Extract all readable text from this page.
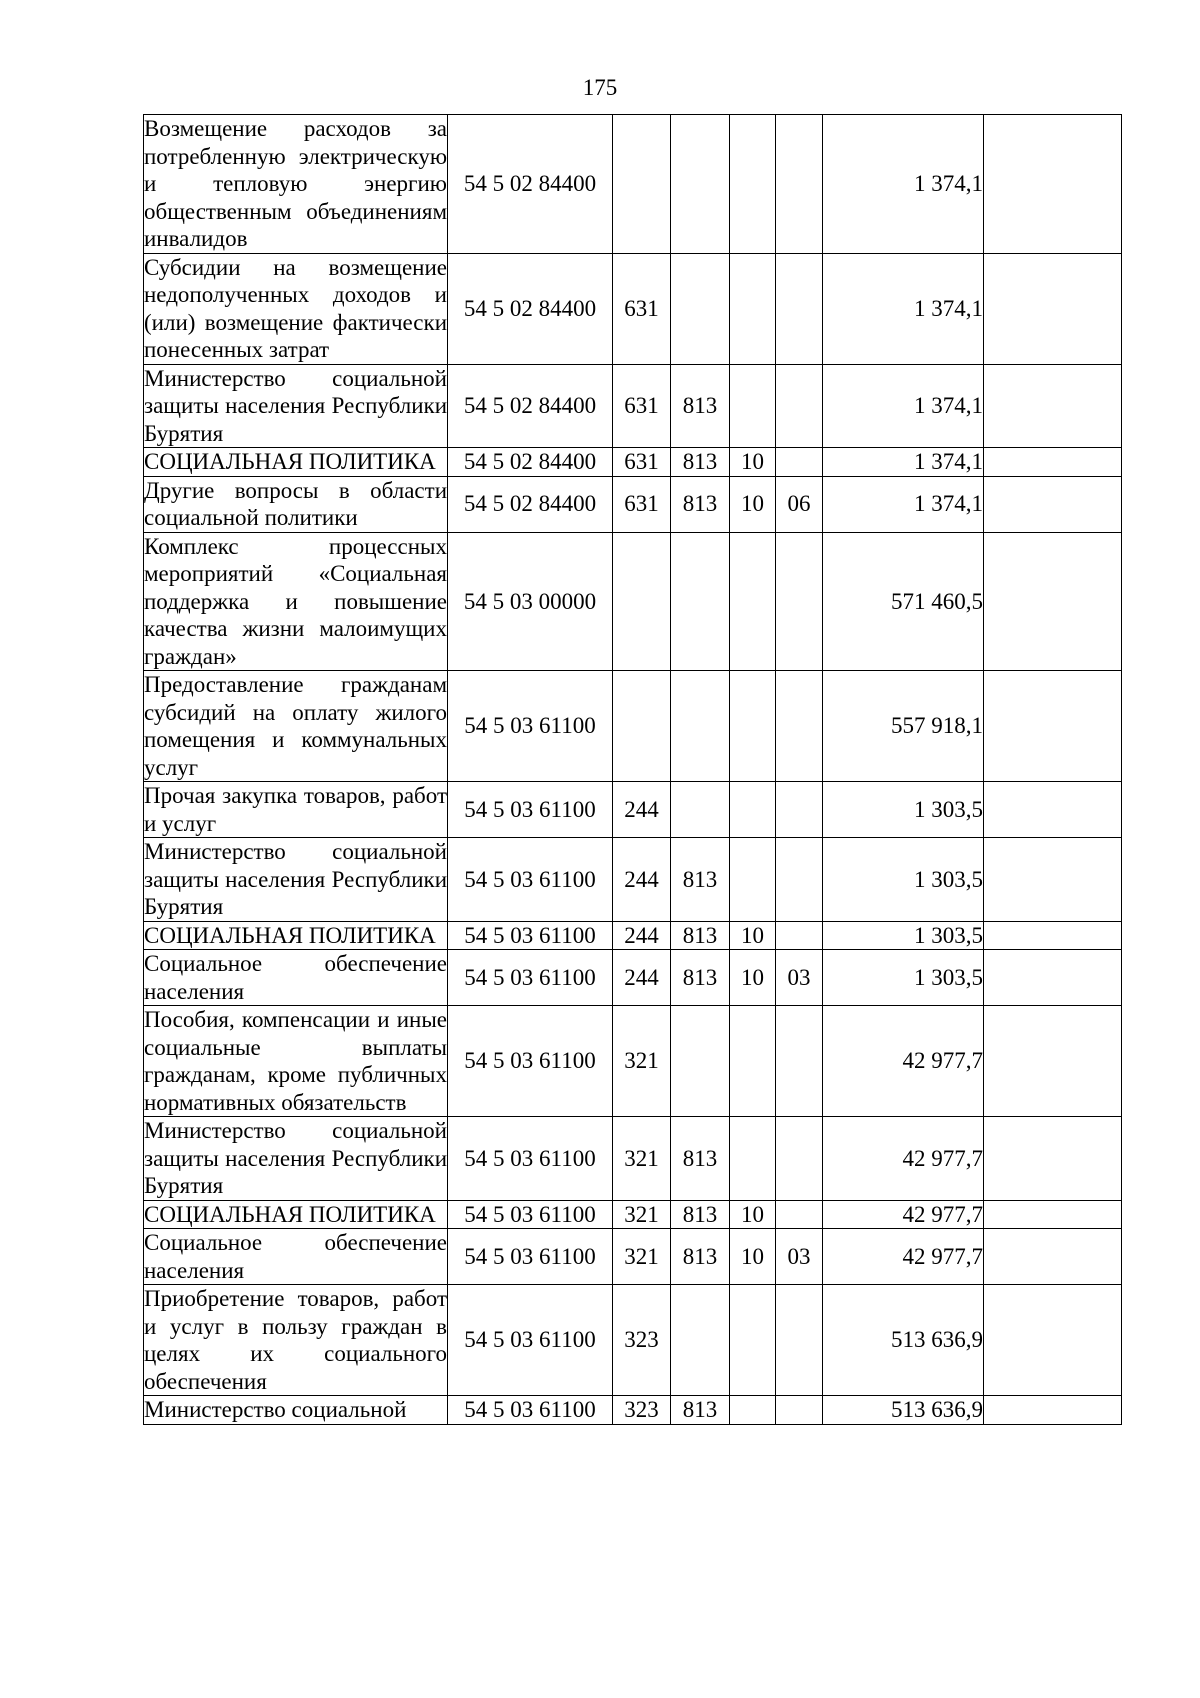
175
Возмещение расходов за потребленную электрическую и тепловую энергию общественным объединениям инвалидов	54 5 02 84400					1 374,1	
Субсидии на возмещение недополученных доходов и (или) возмещение фактически понесенных затрат	54 5 02 84400	631				1 374,1	
Министерство социальной защиты населения Республики Бурятия	54 5 02 84400	631	813			1 374,1	
СОЦИАЛЬНАЯ ПОЛИТИКА	54 5 02 84400	631	813	10		1 374,1	
Другие вопросы в области социальной политики	54 5 02 84400	631	813	10	06	1 374,1	
Комплекс процессных мероприятий «Социальная поддержка и повышение качества жизни малоимущих граждан»	54 5 03 00000					571 460,5	
Предоставление гражданам субсидий на оплату жилого помещения и коммунальных услуг	54 5 03 61100					557 918,1	
Прочая закупка товаров, работ и услуг	54 5 03 61100	244				1 303,5	
Министерство социальной защиты населения Республики Бурятия	54 5 03 61100	244	813			1 303,5	
СОЦИАЛЬНАЯ ПОЛИТИКА	54 5 03 61100	244	813	10		1 303,5	
Социальное обеспечение населения	54 5 03 61100	244	813	10	03	1 303,5	
Пособия, компенсации и иные социальные выплаты гражданам, кроме публичных нормативных обязательств	54 5 03 61100	321				42 977,7	
Министерство социальной защиты населения Республики Бурятия	54 5 03 61100	321	813			42 977,7	
СОЦИАЛЬНАЯ ПОЛИТИКА	54 5 03 61100	321	813	10		42 977,7	
Социальное обеспечение населения	54 5 03 61100	321	813	10	03	42 977,7	
Приобретение товаров, работ и услуг в пользу граждан в целях их социального обеспечения	54 5 03 61100	323				513 636,9	
Министерство социальной	54 5 03 61100	323	813			513 636,9	
